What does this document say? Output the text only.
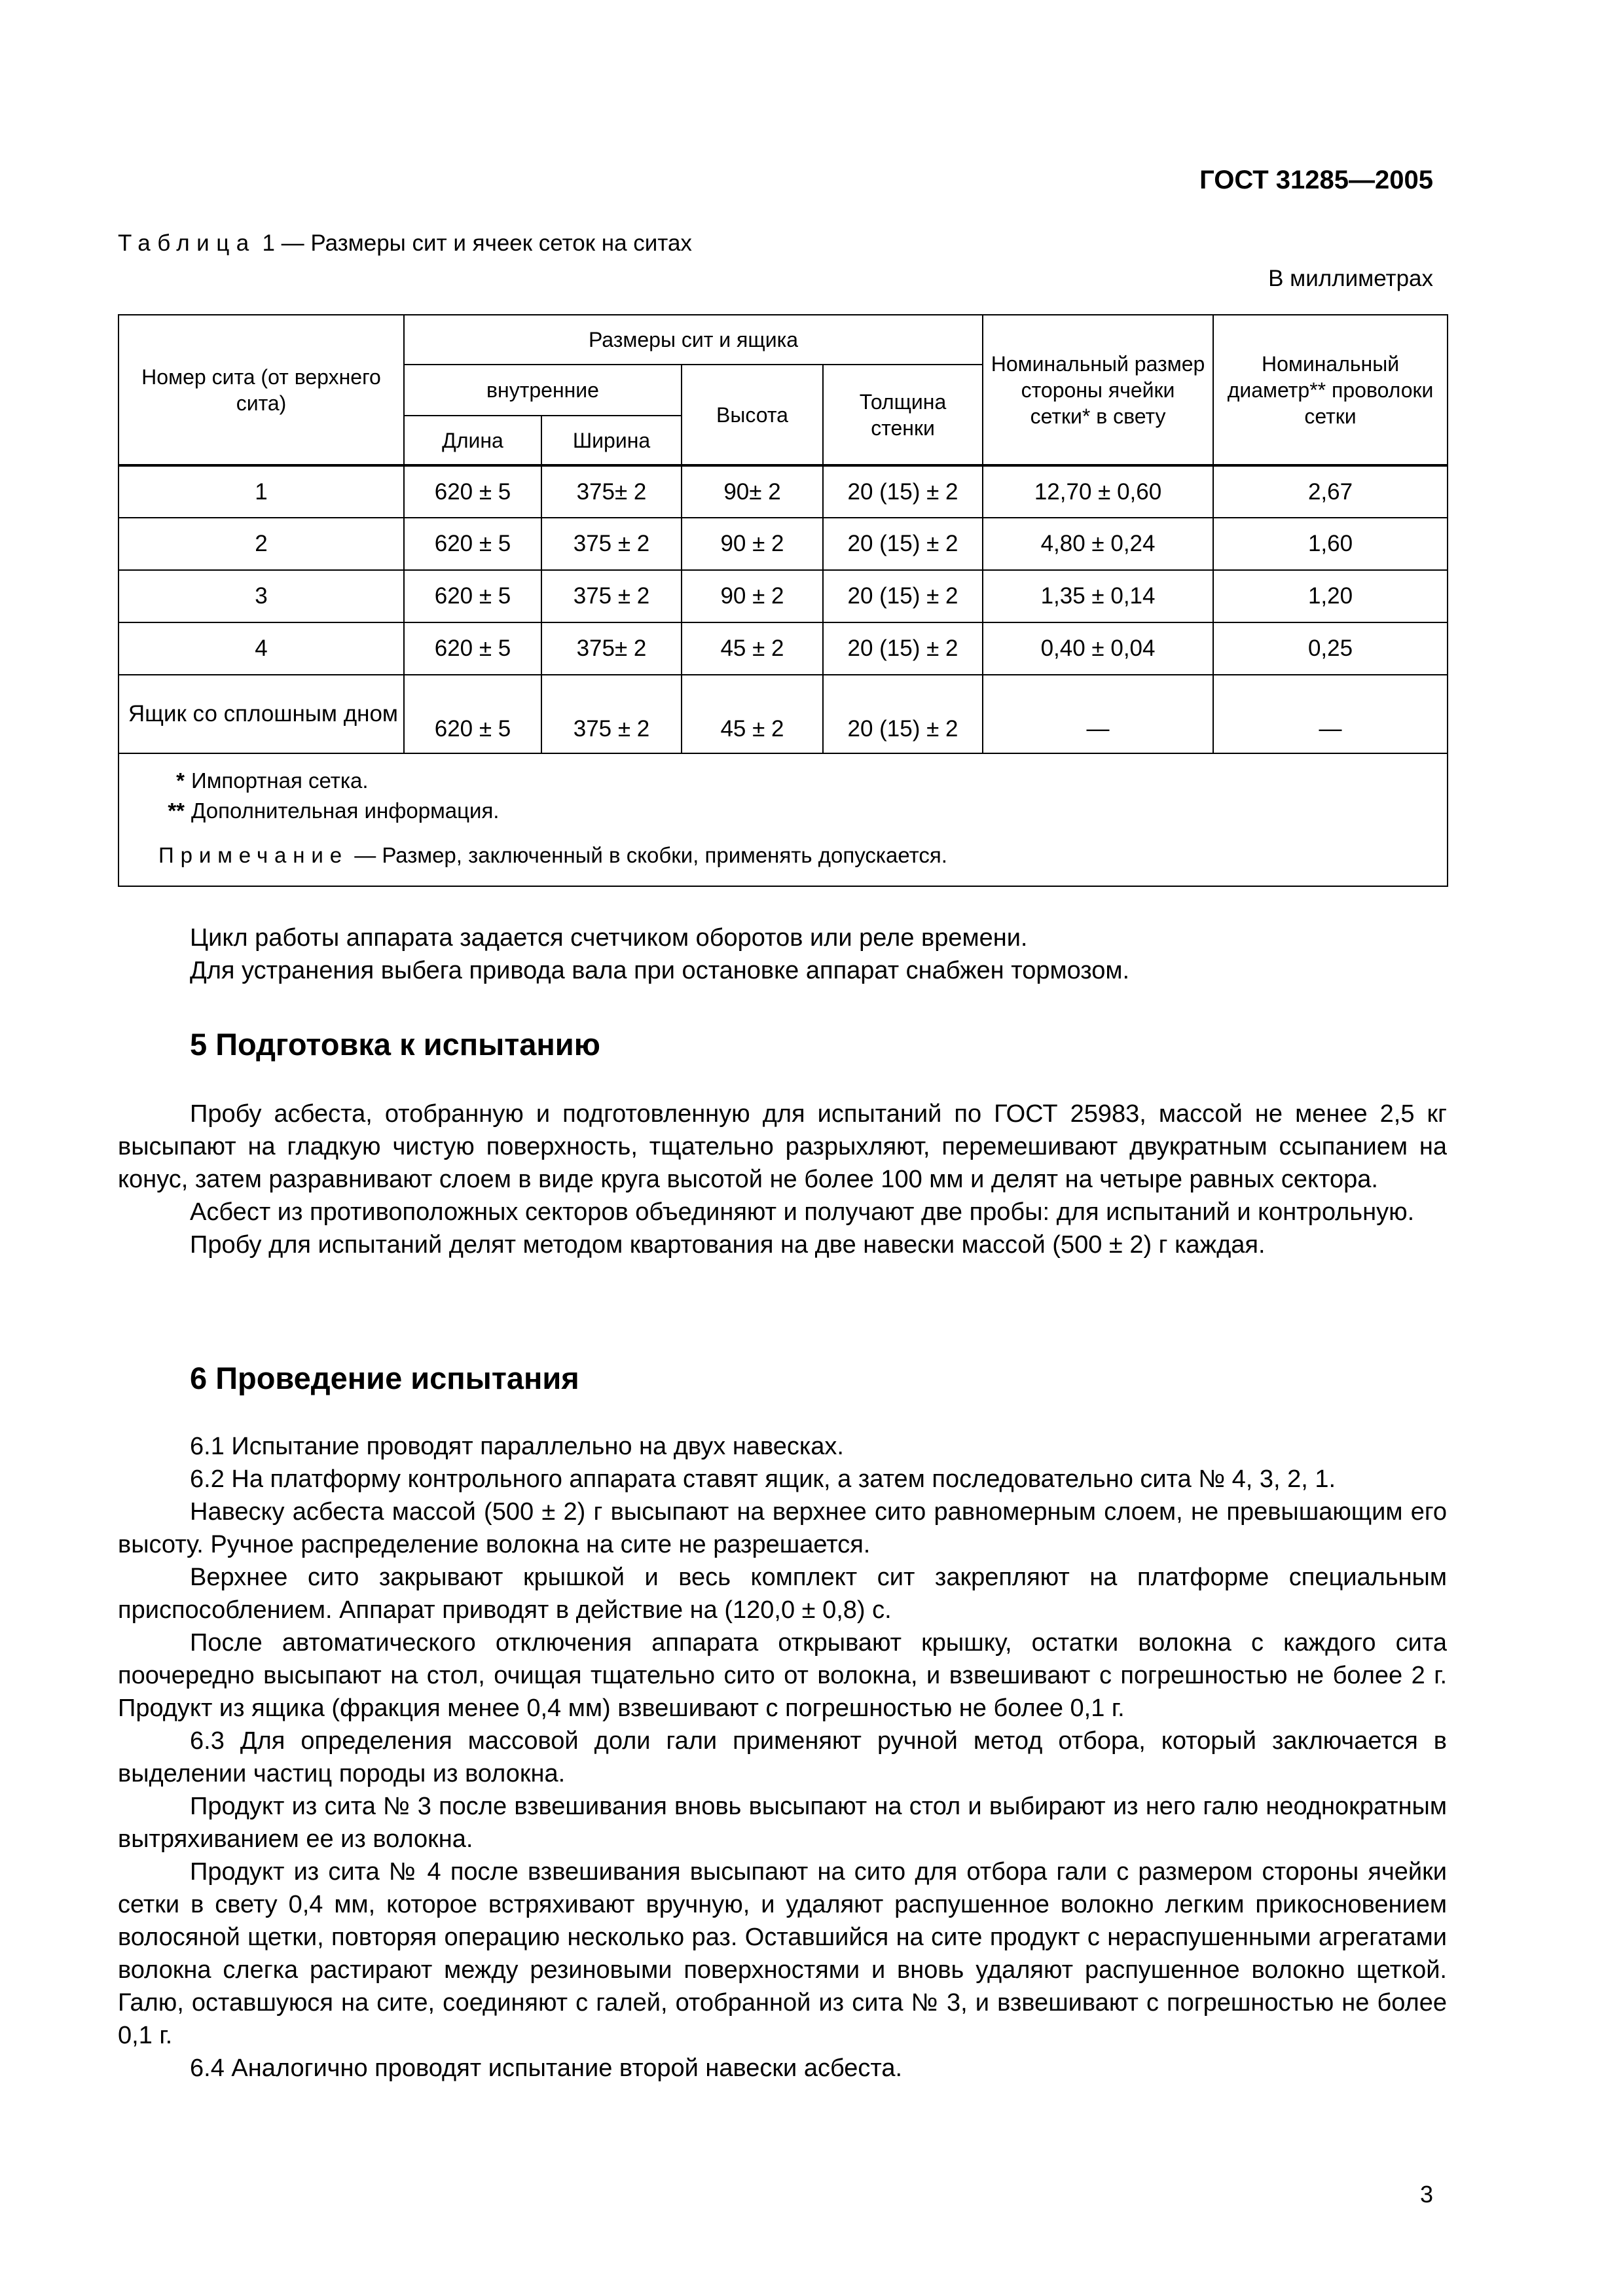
ГОСТ 31285—2005
Таблица 1 — Размеры сит и ячеек сеток на ситах
В миллиметрах
Номер сита (от верхнего сита)	Размеры сит и ящика				Номинальный размер стороны ячейки сетки* в свету	Номинальный диаметр** проволоки сетки
	внутренние		Высота	Толщина стенки		
	Длина	Ширина				
1	620 ± 5	375± 2	90± 2	20 (15) ± 2	12,70 ± 0,60	2,67
2	620 ± 5	375 ± 2	90 ± 2	20 (15) ± 2	4,80 ± 0,24	1,60
3	620 ± 5	375 ± 2	90 ± 2	20 (15) ± 2	1,35 ± 0,14	1,20
4	620 ± 5	375± 2	45 ± 2	20 (15) ± 2	0,40 ± 0,04	0,25
Ящик со сплошным дном	620 ± 5	375 ± 2	45 ± 2	20 (15) ± 2	—	—

* Импортная сетка.
** Дополнительная информация.
Примечание — Размер, заключенный в скобки, применять допускается.						

Цикл работы аппарата задается счетчиком оборотов или реле времени.

Для устранения выбега привода вала при остановке аппарат снабжен тормозом.

5 Подготовка к испытанию

Пробу асбеста, отобранную и подготовленную для испытаний по ГОСТ 25983, массой не менее 2,5 кг высыпают на гладкую чистую поверхность, тщательно разрыхляют, перемешивают двукратным ссыпанием на конус, затем разравнивают слоем в виде круга высотой не более 100 мм и делят на четыре равных сектора.

Асбест из противоположных секторов объединяют и получают две пробы: для испытаний и контрольную.

Пробу для испытаний делят методом квартования на две навески массой (500 ± 2) г каждая.

6 Проведение испытания

6.1 Испытание проводят параллельно на двух навесках.

6.2 На платформу контрольного аппарата ставят ящик, а затем последовательно сита № 4, 3, 2, 1.

Навеску асбеста массой (500 ± 2) г высыпают на верхнее сито равномерным слоем, не превышающим его высоту. Ручное распределение волокна на сите не разрешается.

Верхнее сито закрывают крышкой и весь комплект сит закрепляют на платформе специальным приспособлением. Аппарат приводят в действие на (120,0 ± 0,8) с.

После автоматического отключения аппарата открывают крышку, остатки волокна с каждого сита поочередно высыпают на стол, очищая тщательно сито от волокна, и взвешивают с погрешностью не более 2 г. Продукт из ящика (фракция менее 0,4 мм) взвешивают с погрешностью не более 0,1 г.

6.3 Для определения массовой доли гали применяют ручной метод отбора, который заключается в выделении частиц породы из волокна.

Продукт из сита № 3 после взвешивания вновь высыпают на стол и выбирают из него галю неоднократным вытряхиванием ее из волокна.

Продукт из сита № 4 после взвешивания высыпают на сито для отбора гали с размером стороны ячейки сетки в свету 0,4 мм, которое встряхивают вручную, и удаляют распушенное волокно легким прикосновением волосяной щетки, повторяя операцию несколько раз. Оставшийся на сите продукт с нераспушенными агрегатами волокна слегка растирают между резиновыми поверхностями и вновь удаляют распушенное волокно щеткой. Галю, оставшуюся на сите, соединяют с галей, отобранной из сита № 3, и взвешивают с погрешностью не более 0,1 г.

6.4 Аналогично проводят испытание второй навески асбеста.

3
